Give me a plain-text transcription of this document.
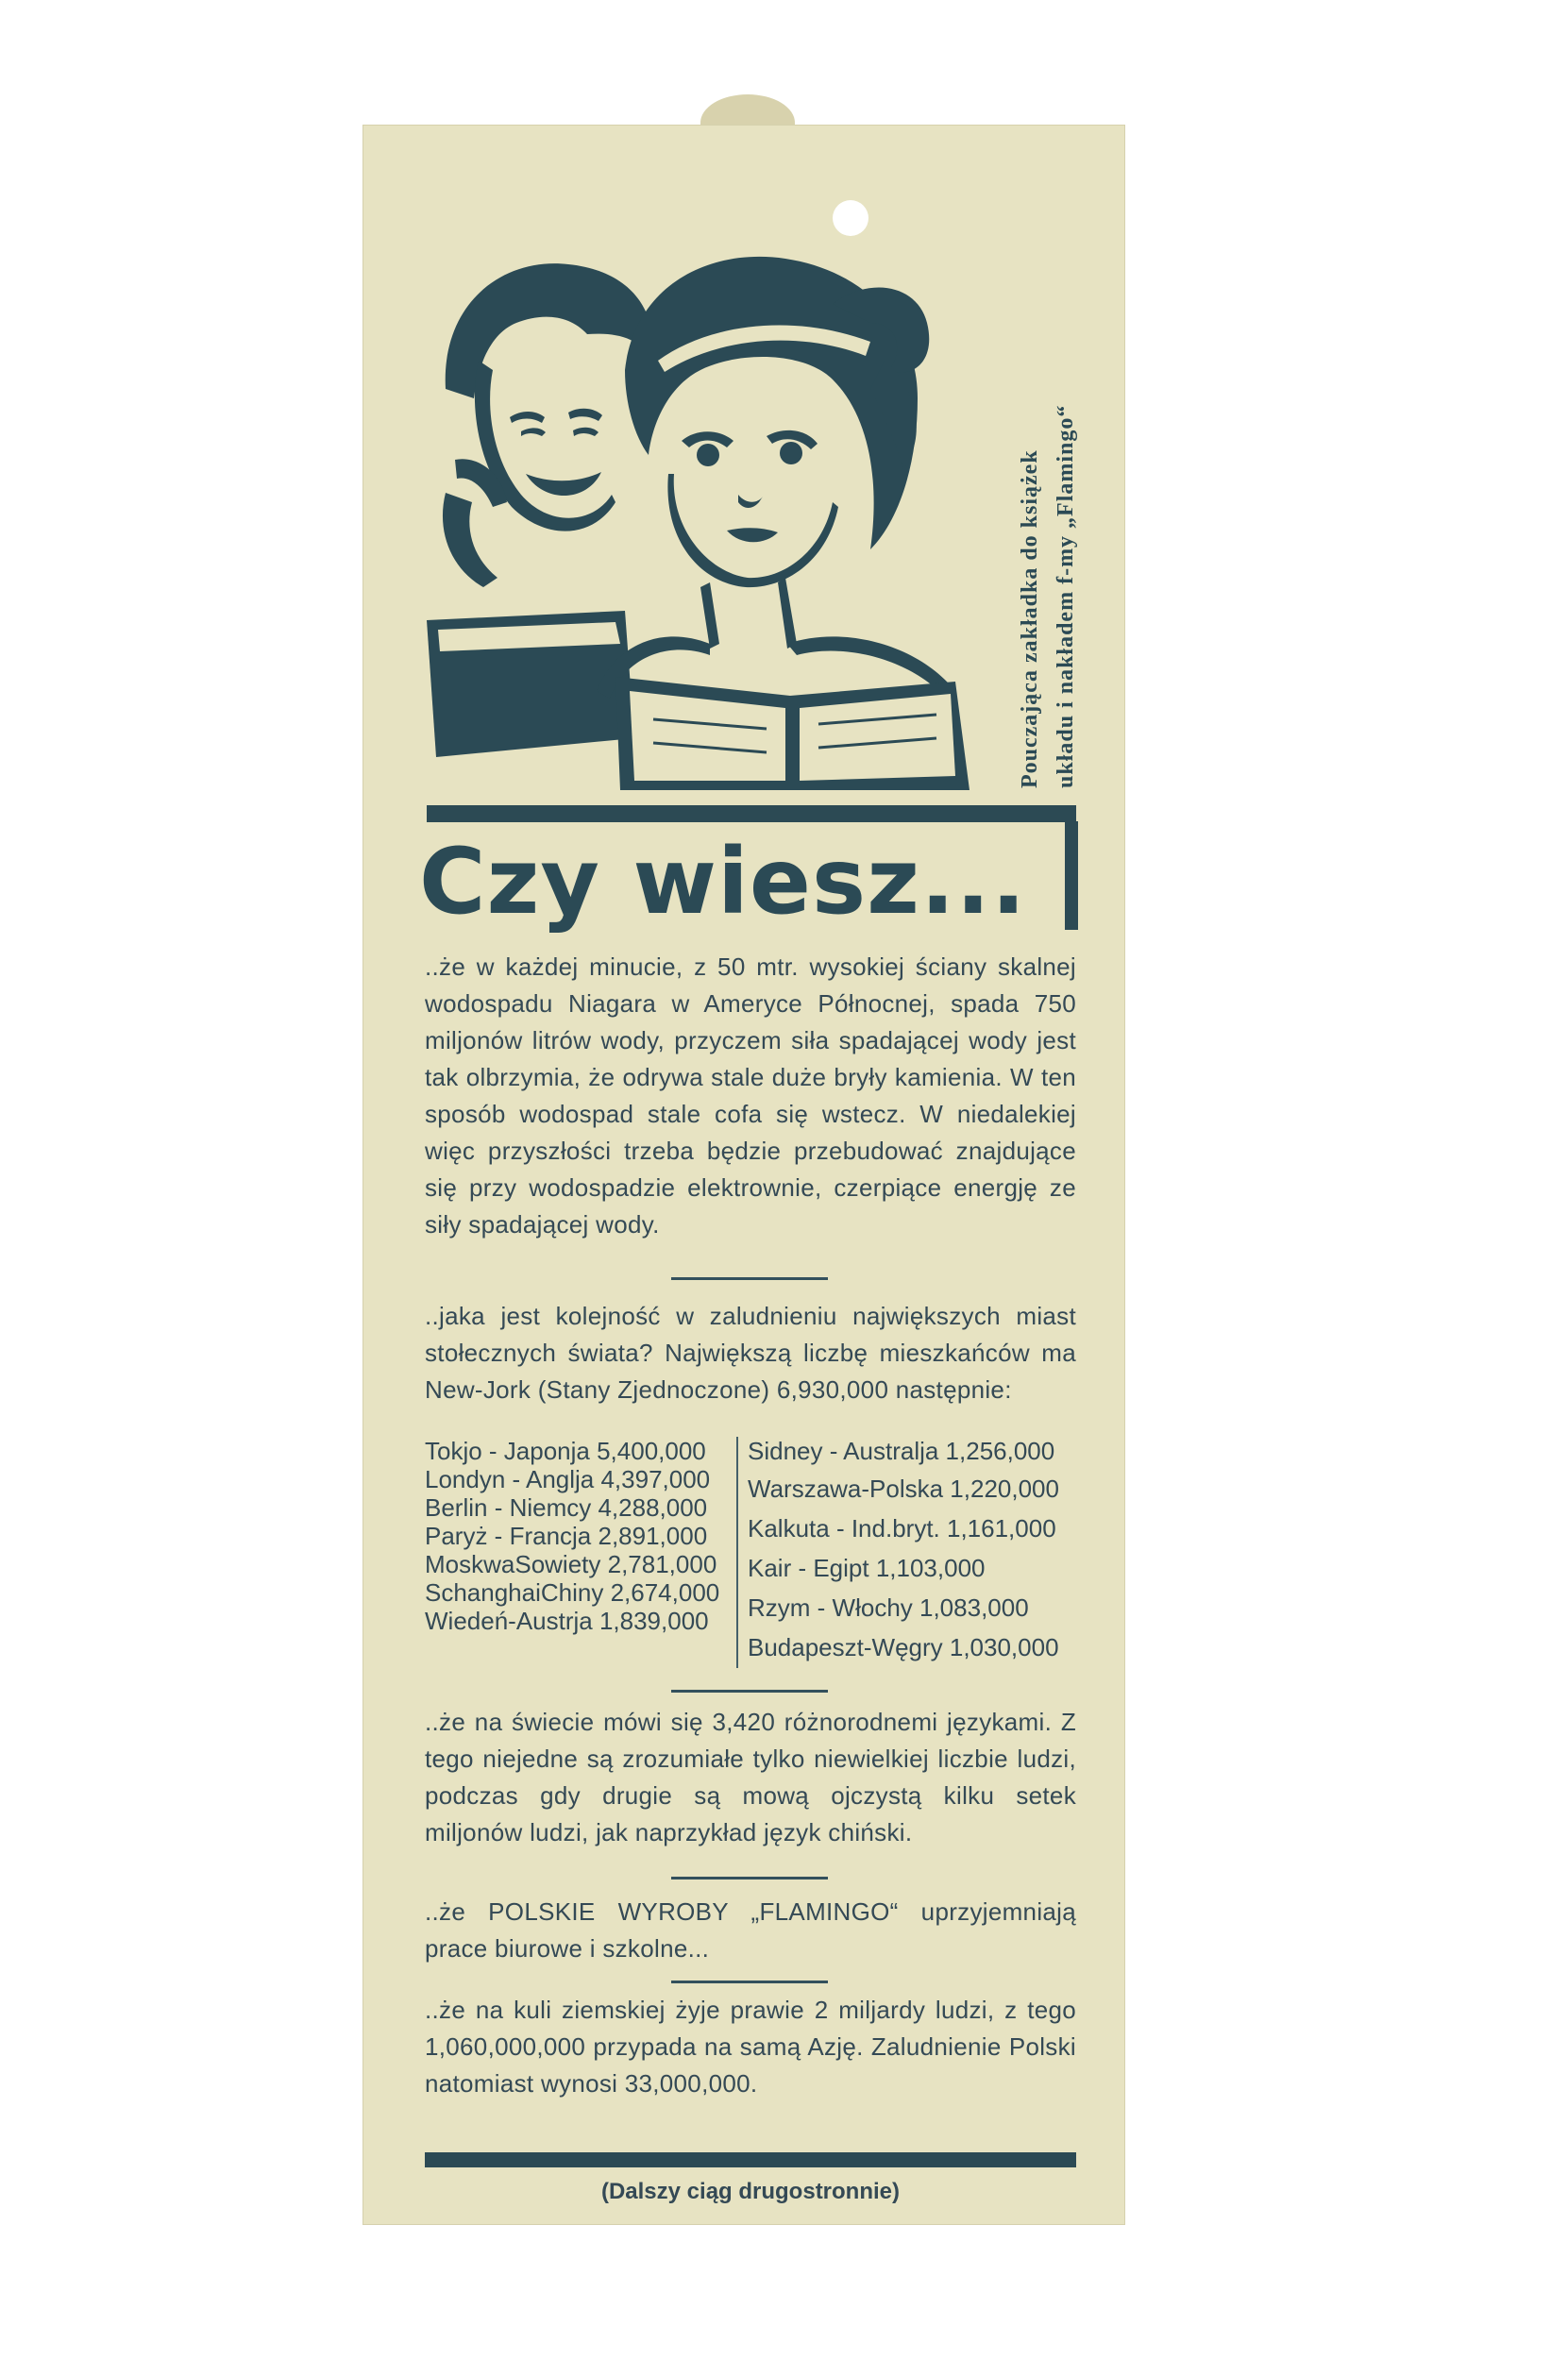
Pouczająca zakładka do książek układu i nakładem f-my „Flamingo“
Czy wiesz...
..że w każdej minucie, z 50 mtr. wysokiej ściany skalnej wodospadu Niagara w Ameryce Północnej, spada 750 miljonów litrów wody, przyczem siła spadającej wody jest tak olbrzymia, że odrywa stale duże bryły kamienia. W ten sposób wodospad stale cofa się wstecz. W niedalekiej więc przyszłości trzeba będzie przebudować znajdujące się przy wodospadzie elektrownie, czerpiące energję ze siły spadającej wody.
..jaka jest kolejność w zaludnieniu największych miast stołecznych świata? Największą liczbę mieszkańców ma New-Jork (Stany Zjednoczone) 6,930,000 następnie:
Tokjo - Japonja 5,400,000
Londyn - Anglja 4,397,000
Berlin - Niemcy 4,288,000
Paryż - Francja 2,891,000
MoskwaSowiety 2,781,000
SchanghaiChiny 2,674,000
Wiedeń-Austrja 1,839,000
Sidney - Australja 1,256,000
Warszawa-Polska 1,220,000
Kalkuta - Ind.bryt. 1,161,000
Kair - Egipt 1,103,000
Rzym - Włochy 1,083,000
Budapeszt-Węgry 1,030,000
..że na świecie mówi się 3,420 różnorodnemi językami. Z tego niejedne są zrozumiałe tylko niewielkiej liczbie ludzi, podczas gdy drugie są mową ojczystą kilku setek miljonów ludzi, jak naprzykład język chiński.
..że POLSKIE WYROBY „FLAMINGO“ uprzyjemniają prace biurowe i szkolne...
..że na kuli ziemskiej żyje prawie 2 miljardy ludzi, z tego 1,060,000,000 przypada na samą Azję. Zaludnienie Polski natomiast wynosi 33,000,000.
(Dalszy ciąg drugostronnie)
